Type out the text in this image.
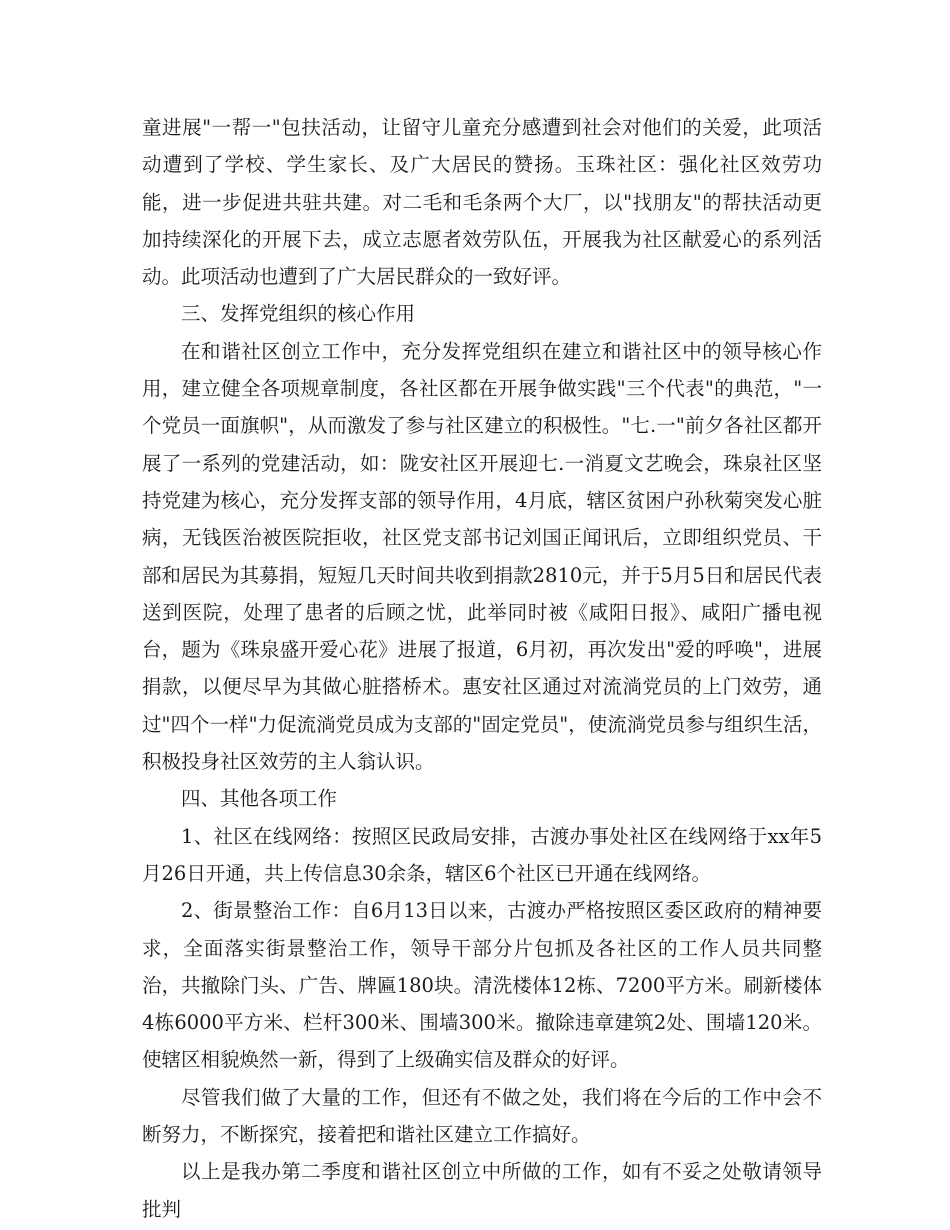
童进展"一帮一"包扶活动，让留守儿童充分感遭到社会对他们的关爱，此项活动遭到了学校、学生家长、及广大居民的赞扬。玉珠社区：强化社区效劳功能，进一步促进共驻共建。对二毛和毛条两个大厂，以"找朋友"的帮扶活动更加持续深化的开展下去，成立志愿者效劳队伍，开展我为社区献爱心的系列活动。此项活动也遭到了广大居民群众的一致好评。

三、发挥党组织的核心作用

在和谐社区创立工作中，充分发挥党组织在建立和谐社区中的领导核心作用，建立健全各项规章制度，各社区都在开展争做实践"三个代表"的典范，"一个党员一面旗帜"，从而激发了参与社区建立的积极性。"七.一"前夕各社区都开展了一系列的党建活动，如：陇安社区开展迎七.一消夏文艺晚会，珠泉社区坚持党建为核心，充分发挥支部的领导作用，4月底，辖区贫困户孙秋菊突发心脏病，无钱医治被医院拒收，社区党支部书记刘国正闻讯后，立即组织党员、干部和居民为其募捐，短短几天时间共收到捐款2810元，并于5月5日和居民代表送到医院，处理了患者的后顾之忧，此举同时被《咸阳日报》、咸阳广播电视台，题为《珠泉盛开爱心花》进展了报道，6月初，再次发出"爱的呼唤"，进展捐款，以便尽早为其做心脏搭桥术。惠安社区通过对流淌党员的上门效劳，通过"四个一样"力促流淌党员成为支部的"固定党员"，使流淌党员参与组织生活，积极投身社区效劳的主人翁认识。

四、其他各项工作

1、社区在线网络：按照区民政局安排，古渡办事处社区在线网络于xx年5月26日开通，共上传信息30余条，辖区6个社区已开通在线网络。

2、街景整治工作：自6月13日以来，古渡办严格按照区委区政府的精神要求，全面落实街景整治工作，领导干部分片包抓及各社区的工作人员共同整治，共撤除门头、广告、牌匾180块。清洗楼体12栋、7200平方米。刷新楼体4栋6000平方米、栏杆300米、围墙300米。撤除违章建筑2处、围墙120米。使辖区相貌焕然一新，得到了上级确实信及群众的好评。

尽管我们做了大量的工作，但还有不做之处，我们将在今后的工作中会不断努力，不断探究，接着把和谐社区建立工作搞好。

以上是我办第二季度和谐社区创立中所做的工作，如有不妥之处敬请领导批判
